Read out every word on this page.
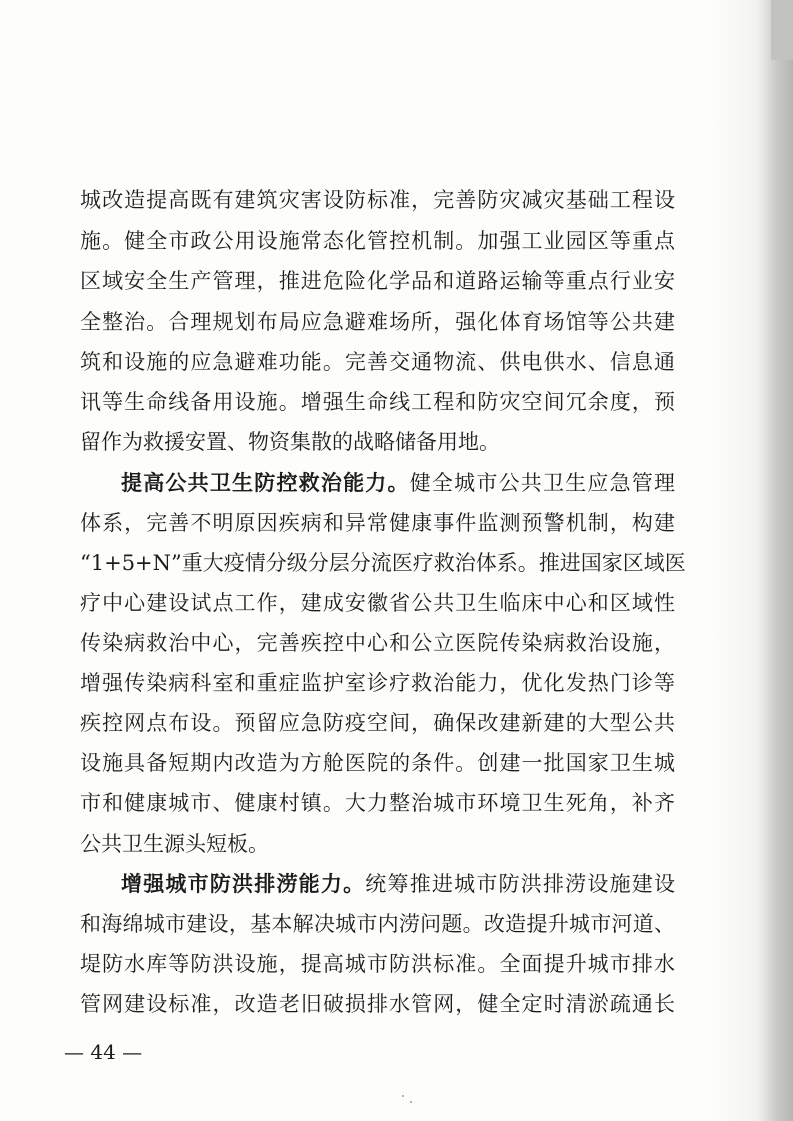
城改造提高既有建筑灾害设防标准，完善防灾减灾基础工程设
施。健全市政公用设施常态化管控机制。加强工业园区等重点
区域安全生产管理，推进危险化学品和道路运输等重点行业安
全整治。合理规划布局应急避难场所，强化体育场馆等公共建
筑和设施的应急避难功能。完善交通物流、供电供水、信息通
讯等生命线备用设施。增强生命线工程和防灾空间冗余度，预
留作为救援安置、物资集散的战略储备用地。
提高公共卫生防控救治能力。健全城市公共卫生应急管理
体系，完善不明原因疾病和异常健康事件监测预警机制，构建
“1+5+N”重大疫情分级分层分流医疗救治体系。推进国家区域医
疗中心建设试点工作，建成安徽省公共卫生临床中心和区域性
传染病救治中心，完善疾控中心和公立医院传染病救治设施，
增强传染病科室和重症监护室诊疗救治能力，优化发热门诊等
疾控网点布设。预留应急防疫空间，确保改建新建的大型公共
设施具备短期内改造为方舱医院的条件。创建一批国家卫生城
市和健康城市、健康村镇。大力整治城市环境卫生死角，补齐
公共卫生源头短板。
增强城市防洪排涝能力。统筹推进城市防洪排涝设施建设
和海绵城市建设，基本解决城市内涝问题。改造提升城市河道、
堤防水库等防洪设施，提高城市防洪标准。全面提升城市排水
管网建设标准，改造老旧破损排水管网，健全定时清淤疏通长
— 44 —
